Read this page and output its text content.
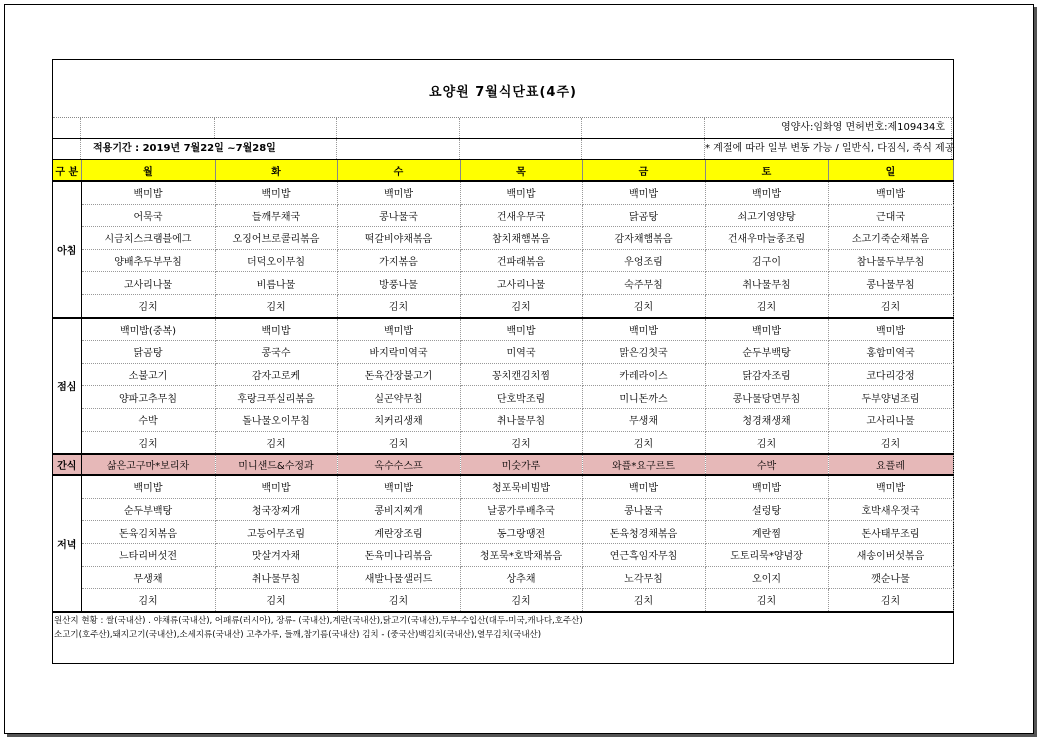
요양원 7월식단표(4주)
영양사:임화영 면허번호:제109434호
적용기간 : 2019년 7월22일 ~7월28일	* 계절에 따라 일부 변동 가능 / 일반식, 다짐식, 죽식 제공
구 분	월	화	수	목	금	토	일
아침	백미밥	백미밥	백미밥	백미밥	백미밥	백미밥	백미밥
	어묵국	들깨무채국	콩나물국	건새우무국	닭곰탕	쇠고기영양탕	근대국
	시금치스크램블에그	오징어브로콜리볶음	떡갈비야채볶음	참치채햄볶음	감자채햄볶음	건새우마늘종조림	소고기죽순채볶음
	양배추두부무침	더덕오이무침	가지볶음	건파래볶음	우엉조림	김구이	참나물두부무침
	고사리나물	비름나물	방풍나물	고사리나물	숙주무침	취나물무침	콩나물무침
	김치	김치	김치	김치	김치	김치	김치
점심	백미밥(중복)	백미밥	백미밥	백미밥	백미밥	백미밥	백미밥
	닭곰탕	콩국수	바지락미역국	미역국	맑은김칫국	순두부백탕	홍합미역국
	소불고기	감자고로케	돈육간장불고기	꽁치캔김치찜	카레라이스	닭감자조림	코다리강정
	양파고추무침	후랑크푸실리볶음	실곤약무침	단호박조림	미니돈까스	콩나물당면무침	두부양념조림
	수박	돌나물오이무침	치커리생채	취나물무침	무생채	청경채생채	고사리나물
	김치	김치	김치	김치	김치	김치	김치
간식	삶은고구마*보리차	미니샌드&수정과	옥수수스프	미숫가루	와플*요구르트	수박	요플레
저녁	백미밥	백미밥	백미밥	청포묵비빔밥	백미밥	백미밥	백미밥
	순두부백탕	청국장찌개	콩비지찌개	날콩가루배추국	콩나물국	설렁탕	호박새우젓국
	돈육김치볶음	고등어무조림	계란장조림	동그랑땡전	돈육청경채볶음	계란찜	돈사태무조림
	느타리버섯전	맛살겨자채	돈육미나리볶음	청포묵*호박채볶음	연근흑임자무침	도토리묵*양념장	새송이버섯볶음
	무생채	취나물무침	새발나물샐러드	상추채	노각무침	오이지	깻순나물
	김치	김치	김치	김치	김치	김치	김치
원산지 현황 : 쌀(국내산) . 야채류(국내산), 어패류(러시아), 장류- (국내산),계란(국내산),닭고기(국내산),두부-수입산(대두-미국,캐나다,호주산)
소고기(호주산),돼지고기(국내산),소세지류(국내산) 고추가루, 들깨,참기름(국내산) 김치 - (중국산)백김치(국내산),열무김치(국내산)
